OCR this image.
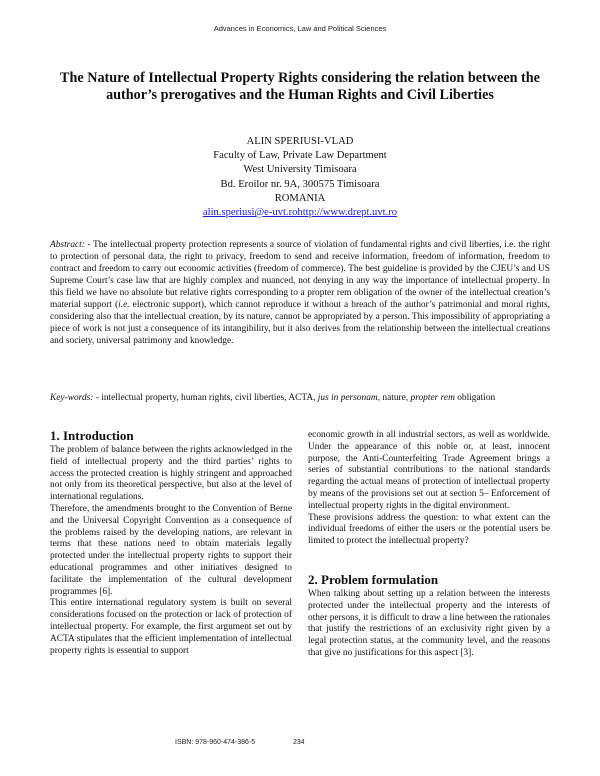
Advances in Economics, Law and Political Sciences
The Nature of Intellectual Property Rights considering the relation between the author’s prerogatives and the Human Rights and Civil Liberties
ALIN SPERIUSI-VLAD
Faculty of Law, Private Law Department
West University Timisoara
Bd. Eroilor nr. 9A, 300575 Timisoara
ROMANIA
alin.speriusi@e-uvt.rohttp://www.drept.uvt.ro

Abstract: - The intellectual property protection represents a source of violation of fundamental rights and civil liberties, i.e. the right to protection of personal data, the right to privacy, freedom to send and receive information, freedom of information, freedom to contract and freedom to carry out economic activities (freedom of commerce). The best guideline is provided by the CJEU’s and US Supreme Court’s case law that are highly complex and nuanced, not denying in any way the importance of intellectual property. In this field we have no absolute but relative rights corresponding to a propter rem obligation of the owner of the intellectual creation’s material support (i.e. electronic support), which cannot reproduce it without a breach of the author’s patrimonial and moral rights, considering also that the intellectual creation, by its nature, cannot be appropriated by a person. This impossibility of appropriating a piece of work is not just a consequence of its intangibility, but it also derives from the relationship between the intellectual creations and society, universal patrimony and knowledge.

Key-words: - intellectual property, human rights, civil liberties, ACTA, jus in personam, nature, propter rem obligation

1. Introduction

The problem of balance between the rights acknowledged in the field of intellectual property and the third parties’ rights to access the protected creation is highly stringent and approached not only from its theoretical perspective, but also at the level of international regulations.

Therefore, the amendments brought to the Convention of Berne and the Universal Copyright Convention as a consequence of the problems raised by the developing nations, are relevant in terms that these nations need to obtain materials legally protected under the intellectual property rights to support their educational programmes and other initiatives designed to facilitate the implementation of the cultural development programmes [6].

This entire international regulatory system is built on several considerations focused on the protection or lack of protection of intellectual property. For example, the first argument set out by ACTA stipulates that the efficient implementation of intellectual property rights is essential to support

economic growth in all industrial sectors, as well as worldwide. Under the appearance of this noble or, at least, innocent purpose, the Anti-Counterfeiting Trade Agreement brings a series of substantial contributions to the national standards regarding the actual means of protection of intellectual property by means of the provisions set out at section 5– Enforcement of intellectual property rights in the digital environment.

These provisions address the question: to what extent can the individual freedoms of either the users or the potential users be limited to protect the intellectual property?

2. Problem formulation

When talking about setting up a relation between the interests protected under the intellectual property and the interests of other persons, it is difficult to draw a line between the rationales that justify the restrictions of an exclusivity right given by a legal protection status, at the community level, and the reasons that give no justifications for this aspect [3].

ISBN: 978-960-474-386-5	234
